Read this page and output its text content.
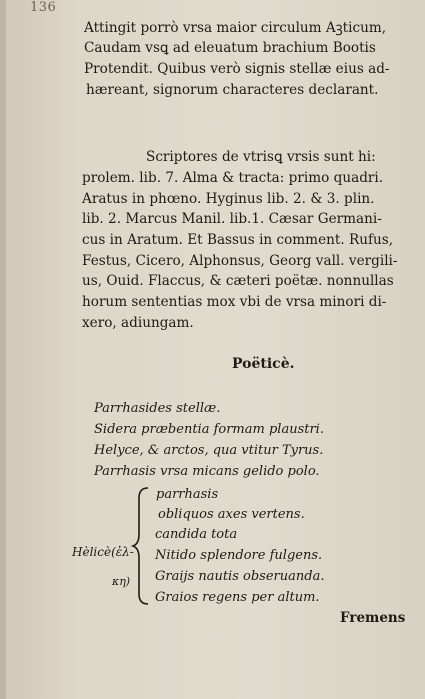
136
Attingit porrò vrsa maior circulum Aꝫticum,
Caudam vsꝗ ad eleuatum brachium Bootis
Protendit. Quibus verò signis stellæ eius ad-
hæreant, signorum characteres declarant.
Scriptores de vtrisꝗ vrsis sunt hi:
prolem. lib. 7. Alma & tracta: primo quadri.
Aratus in phœno. Hyginus lib. 2. & 3. plin.
lib. 2. Marcus Manil. lib.1. Cæsar Germani-
cus in Aratum. Et Bassus in comment. Rufus,
Festus, Cicero, Alphonsus, Georg vall. vergili-
us, Ouid. Flaccus, & cæteri poëtæ. nonnullas
horum sententias mox vbi de vrsa minori di-
xero, adiungam.
Poëticè.
Parrhasides stellæ.
Sidera præbentia formam plaustri.
Helyce, & arctos, qua vtitur Tyrus.
Parrhasis vrsa micans gelido polo.
Hèlicè(ἐλ-
κη)
parrhasis
obliquos axes vertens.
candida tota
Nitido splendore fulgens.
Graijs nautis obseruanda.
Graios regens per altum.
Fremens
